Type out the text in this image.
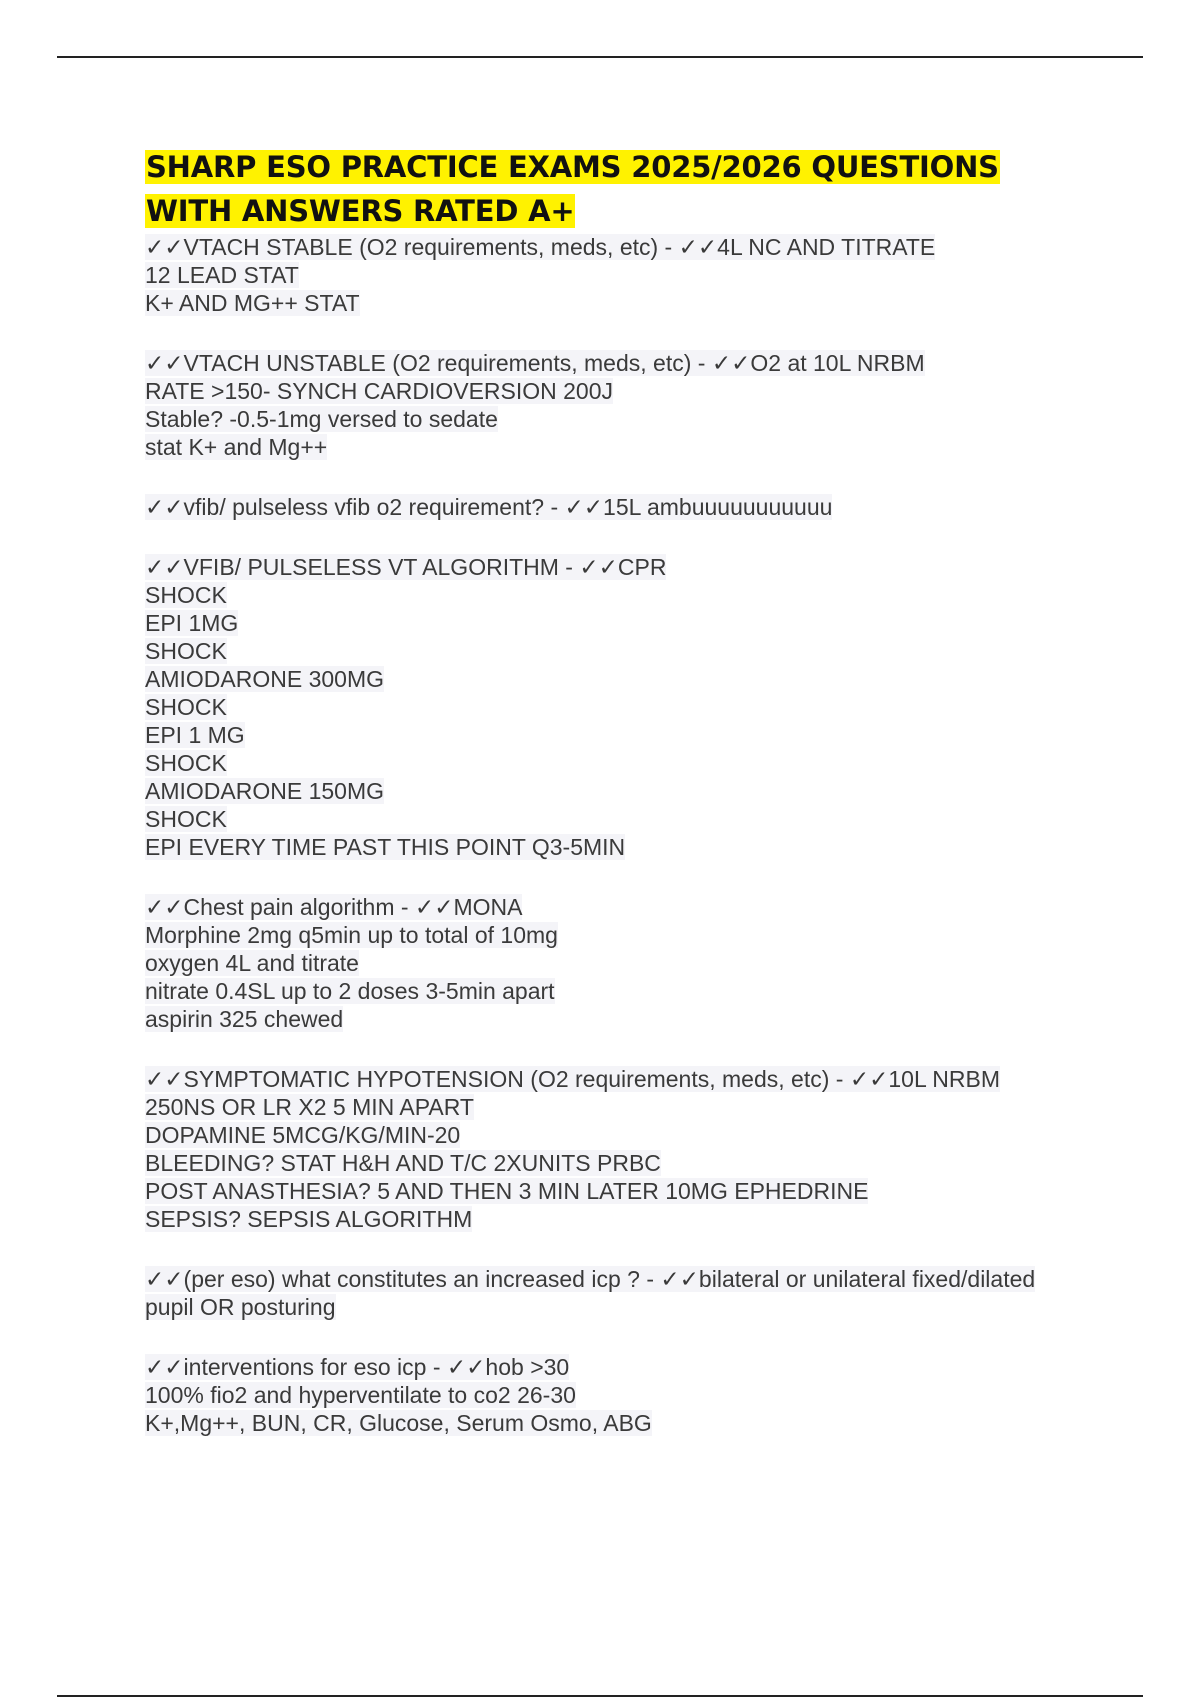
SHARP ESO PRACTICE EXAMS 2025/2026 QUESTIONS
WITH ANSWERS RATED A+
✓✓VTACH STABLE (O2 requirements, meds, etc) - ✓✓4L NC AND TITRATE
12 LEAD STAT
K+ AND MG++ STAT
✓✓VTACH UNSTABLE (O2 requirements, meds, etc) - ✓✓O2 at 10L NRBM
RATE >150- SYNCH CARDIOVERSION 200J
Stable? -0.5-1mg versed to sedate
stat K+ and Mg++
✓✓vfib/ pulseless vfib o2 requirement? - ✓✓15L ambuuuuuuuuuuu
✓✓VFIB/ PULSELESS VT ALGORITHM - ✓✓CPR
SHOCK
EPI 1MG
SHOCK
AMIODARONE 300MG
SHOCK
EPI 1 MG
SHOCK
AMIODARONE 150MG
SHOCK
EPI EVERY TIME PAST THIS POINT Q3-5MIN
✓✓Chest pain algorithm - ✓✓MONA
Morphine 2mg q5min up to total of 10mg
oxygen 4L and titrate
nitrate 0.4SL up to 2 doses 3-5min apart
aspirin 325 chewed
✓✓SYMPTOMATIC HYPOTENSION (O2 requirements, meds, etc) - ✓✓10L NRBM
250NS OR LR X2 5 MIN APART
DOPAMINE 5MCG/KG/MIN-20
BLEEDING? STAT H&H AND T/C 2XUNITS PRBC
POST ANASTHESIA? 5 AND THEN 3 MIN LATER 10MG EPHEDRINE
SEPSIS? SEPSIS ALGORITHM
✓✓(per eso) what constitutes an increased icp ? - ✓✓bilateral or unilateral fixed/dilated
pupil OR posturing
✓✓interventions for eso icp - ✓✓hob >30
100% fio2 and hyperventilate to co2 26-30
K+,Mg++, BUN, CR, Glucose, Serum Osmo, ABG
